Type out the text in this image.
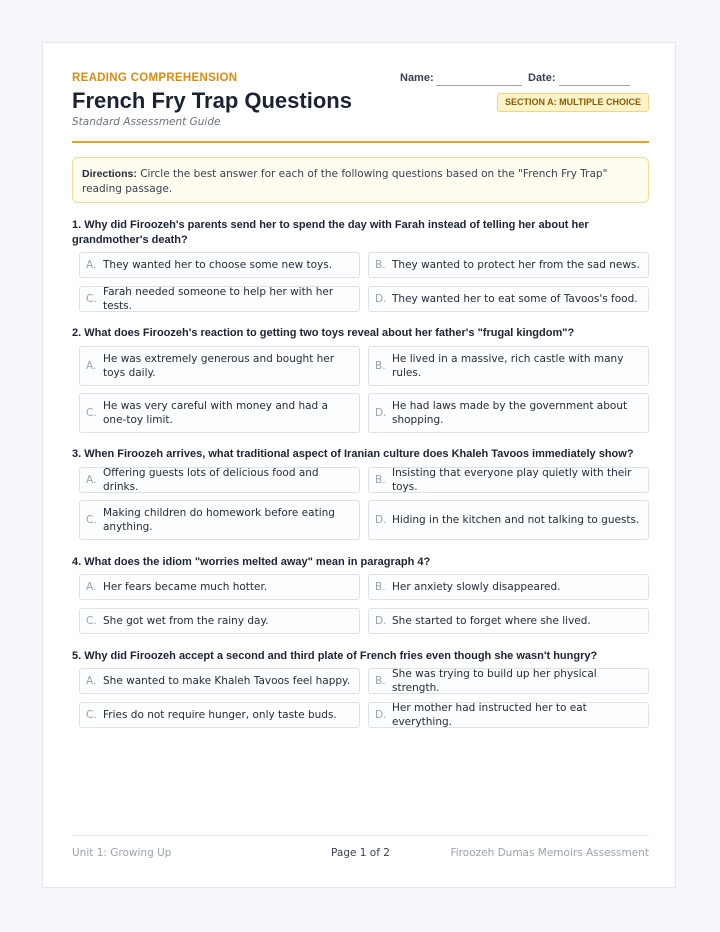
READING COMPREHENSION
French Fry Trap Questions
Standard Assessment Guide
Name:	Date:
SECTION A: MULTIPLE CHOICE
Directions: Circle the best answer for each of the following questions based on the "French Fry Trap" reading passage.
1. Why did Firoozeh's parents send her to spend the day with Farah instead of telling her about her grandmother's death?
A. They wanted her to choose some new toys.	B. They wanted to protect her from the sad news.
C.
Farah needed someone to help her with her tests.
D. They wanted her to eat some of Tavoos's food.
2. What does Firoozeh's reaction to getting two toys reveal about her father's "frugal kingdom"?
A.
He was extremely generous and bought her toys daily.
B.
He lived in a massive, rich castle with many rules.
C.
He was very careful with money and had a one-toy limit.
D.
He had laws made by the government about shopping.
3. When Firoozeh arrives, what traditional aspect of Iranian culture does Khaleh Tavoos immediately show?
A.
Offering guests lots of delicious food and drinks.
B.
Insisting that everyone play quietly with their toys.
C.
Making children do homework before eating anything.
D. Hiding in the kitchen and not talking to guests.
4. What does the idiom "worries melted away" mean in paragraph 4?
A. Her fears became much hotter.	B. Her anxiety slowly disappeared.
C. She got wet from the rainy day.	D. She started to forget where she lived.
5. Why did Firoozeh accept a second and third plate of French fries even though she wasn't hungry?
A. She wanted to make Khaleh Tavoos feel happy.	B.
She was trying to build up her physical strength.
C. Fries do not require hunger, only taste buds.	D.
Her mother had instructed her to eat everything.
Page 1 of 2
Unit 1: Growing Up	Firoozeh Dumas Memoirs Assessment
